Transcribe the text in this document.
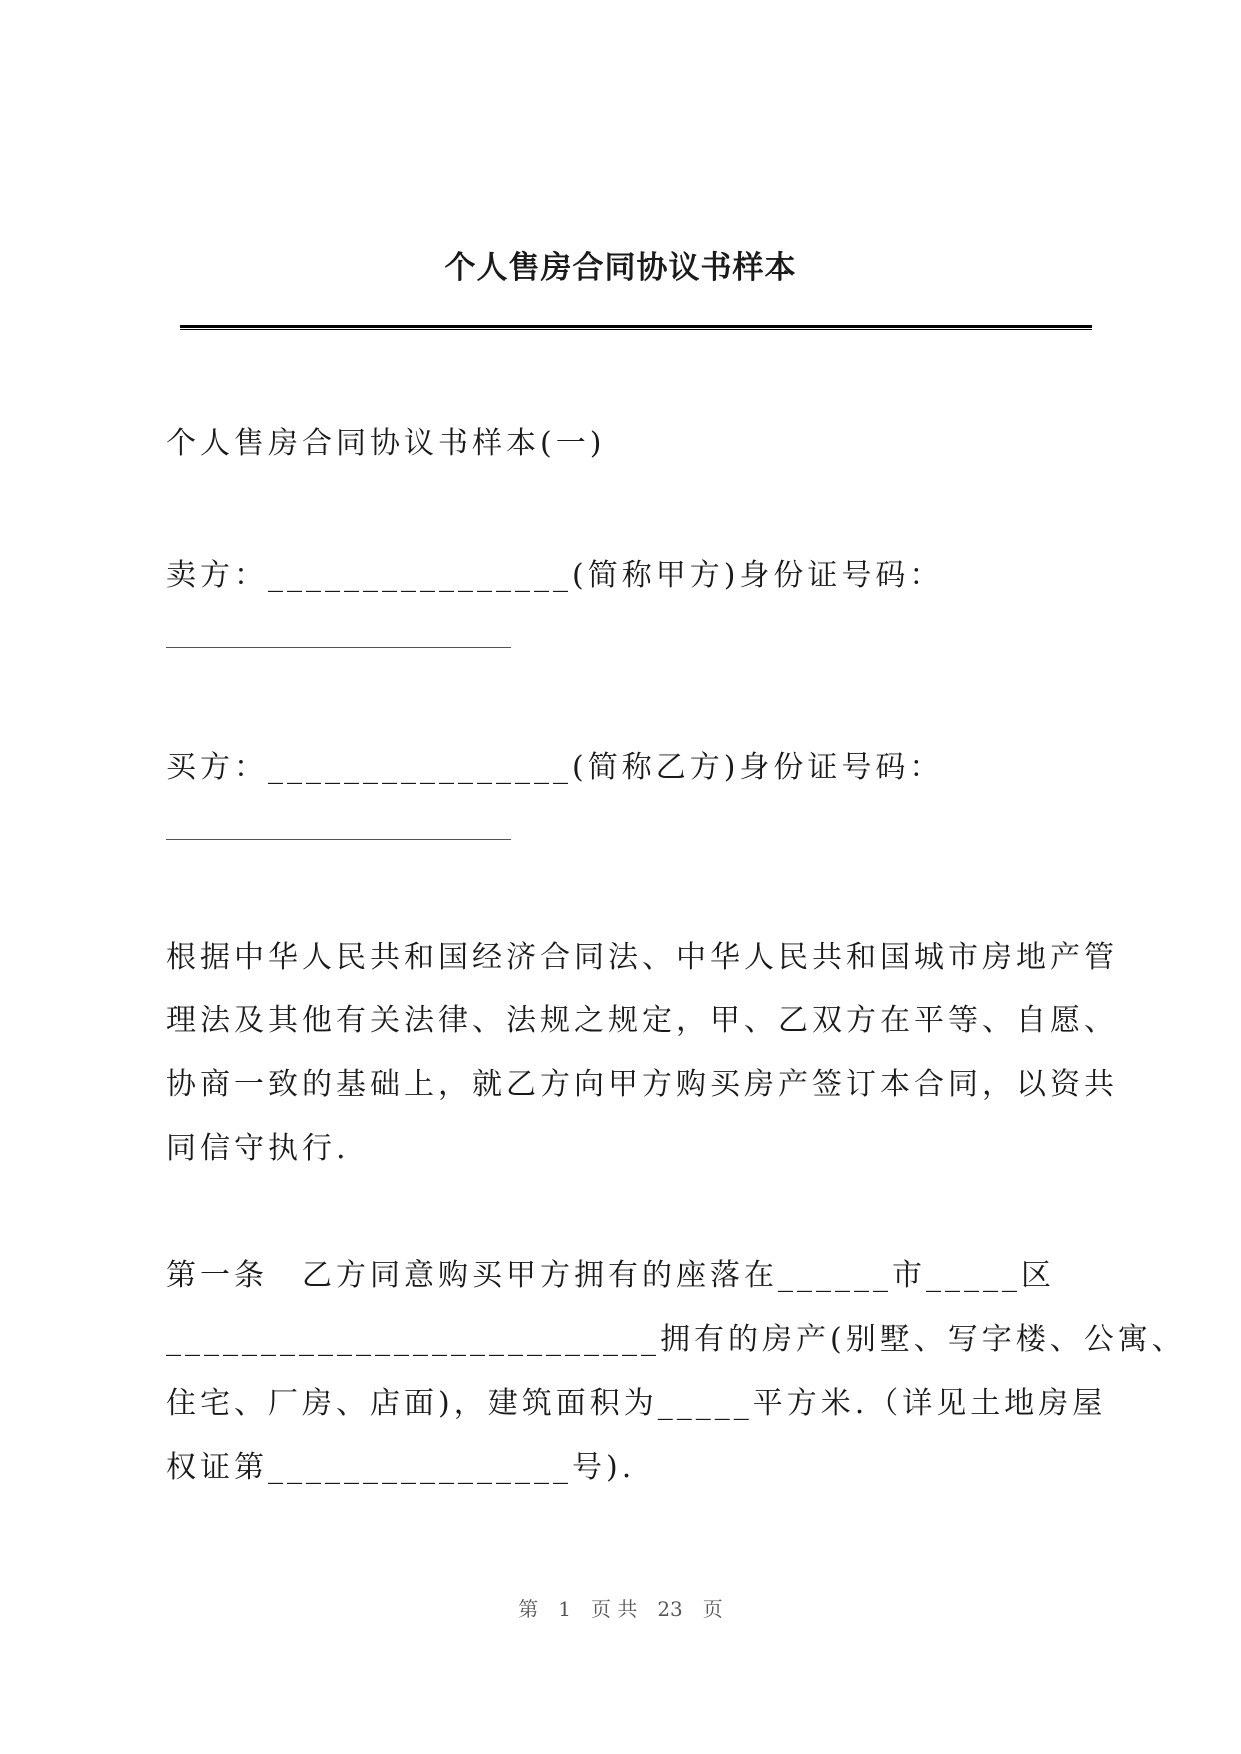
个人售房合同协议书样本
个人售房合同协议书样本(一)
卖方：________________(简称甲方)身份证号码：
买方：________________(简称乙方)身份证号码：
根据中华人民共和国经济合同法、中华人民共和国城市房地产管
理法及其他有关法律、法规之规定，甲、乙双方在平等、自愿、
协商一致的基础上，就乙方向甲方购买房产签订本合同，以资共
同信守执行.
第一条　乙方同意购买甲方拥有的座落在______市_____区
__________________________拥有的房产(别墅、写字楼、公寓、
住宅、厂房、店面)，建筑面积为_____平方米.（详见土地房屋
权证第________________号).
第　1　页 共　23　页
